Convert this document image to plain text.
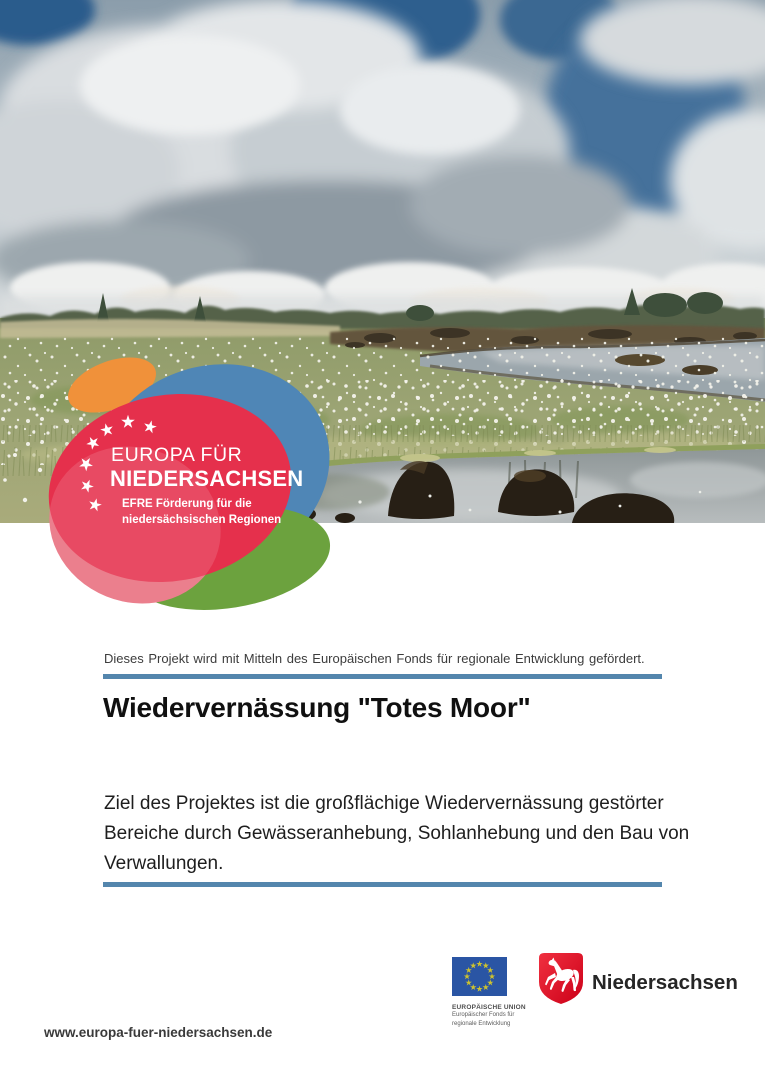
EUROPA FÜR
NIEDERSACHSEN
EFRE Förderung für die
niedersächsischen Regionen
Dieses Projekt wird mit Mitteln des Europäischen Fonds für regionale Entwicklung gefördert.
Wiedervernässung "Totes Moor"

Ziel des Projektes ist die großflächige Wiedervernässung gestörter Bereiche durch Gewässeranhebung, Sohlanhebung und den Bau von Verwallungen.

EUROPÄISCHE UNION
Europäischer Fonds für
regionale Entwicklung
Niedersachsen
www.europa-fuer-niedersachsen.de
